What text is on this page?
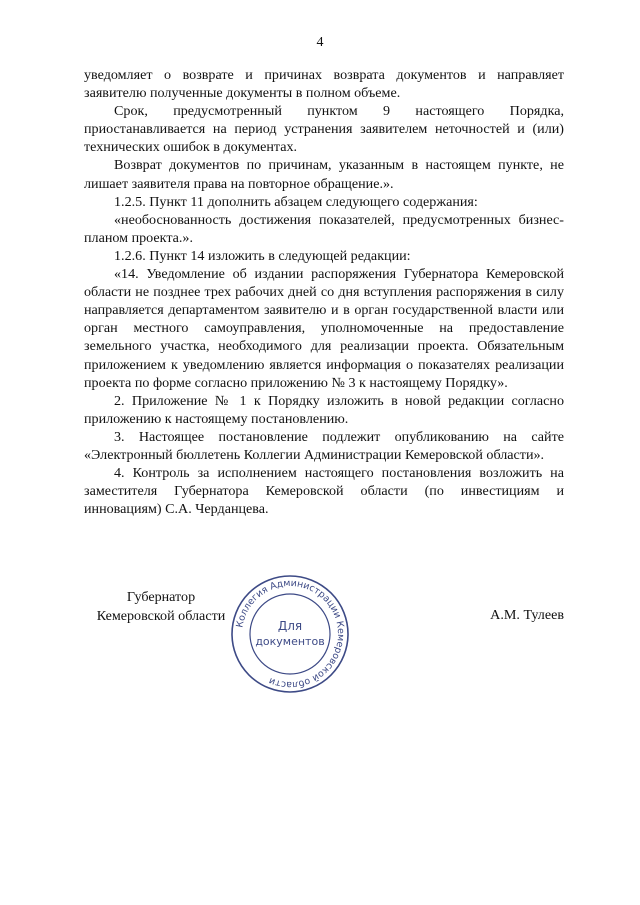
4

уведомляет о возврате и причинах возврата документов и направляет заявителю полученные документы в полном объеме.

Срок, предусмотренный пунктом 9 настоящего Порядка, приостанавливается на период устранения заявителем неточностей и (или) технических ошибок в документах.

Возврат документов по причинам, указанным в настоящем пункте, не лишает заявителя права на повторное обращение.».

1.2.5. Пункт 11 дополнить абзацем следующего содержания:

«необоснованность достижения показателей, предусмотренных бизнес-планом проекта.».

1.2.6. Пункт 14 изложить в следующей редакции:

«14. Уведомление об издании распоряжения Губернатора Кемеровской области не позднее трех рабочих дней со дня вступления распоряжения в силу направляется департаментом заявителю и в орган государственной власти или орган местного самоуправления, уполномоченные на предоставление земельного участка, необходимого для реализации проекта. Обязательным приложением к уведомлению является информация о показателях реализации проекта по форме согласно приложению № 3 к настоящему Порядку».

2. Приложение № 1 к Порядку изложить в новой редакции согласно приложению к настоящему постановлению.

3. Настоящее постановление подлежит опубликованию на сайте «Электронный бюллетень Коллегии Администрации Кемеровской области».

4. Контроль за исполнением настоящего постановления возложить на заместителя Губернатора Кемеровской области (по инвестициям и инновациям) С.А. Черданцева.

Губернатор
Кемеровской области	А.М. Тулеев
Коллегия Администрации Кемеровской области
Для
документов
